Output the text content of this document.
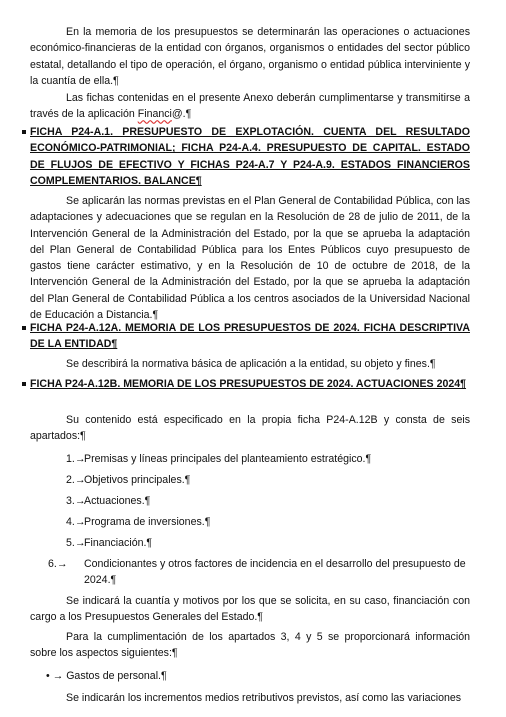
En la memoria de los presupuestos se determinarán las operaciones o actuaciones económico-financieras de la entidad con órganos, organismos o entidades del sector público estatal, detallando el tipo de operación, el órgano, organismo o entidad pública interviniente y la cuantía de ella.¶

Las fichas contenidas en el presente Anexo deberán cumplimentarse y transmitirse a través de la aplicación Financi@.¶

FICHA P24-A.1. PRESUPUESTO DE EXPLOTACIÓN. CUENTA DEL RESULTADO ECONÓMICO-PATRIMONIAL; FICHA P24-A.4. PRESUPUESTO DE CAPITAL. ESTADO DE FLUJOS DE EFECTIVO Y FICHAS P24-A.7 Y P24-A.9. ESTADOS FINANCIEROS COMPLEMENTARIOS. BALANCE¶

Se aplicarán las normas previstas en el Plan General de Contabilidad Pública, con las adaptaciones y adecuaciones que se regulan en la Resolución de 28 de julio de 2011, de la Intervención General de la Administración del Estado, por la que se aprueba la adaptación del Plan General de Contabilidad Pública para los Entes Públicos cuyo presupuesto de gastos tiene carácter estimativo, y en la Resolución de 10 de octubre de 2018, de la Intervención General de la Administración del Estado, por la que se aprueba la adaptación del Plan General de Contabilidad Pública a los centros asociados de la Universidad Nacional de Educación a Distancia.¶

FICHA P24-A.12A. MEMORIA DE LOS PRESUPUESTOS DE 2024. FICHA DESCRIPTIVA DE LA ENTIDAD¶

Se describirá la normativa básica de aplicación a la entidad, su objeto y fines.¶

FICHA P24-A.12B. MEMORIA DE LOS PRESUPUESTOS DE 2024. ACTUACIONES 2024¶

Su contenido está especificado en la propia ficha P24-A.12B y consta de seis apartados:¶

1.→Premisas y líneas principales del planteamiento estratégico.¶

2.→Objetivos principales.¶

3.→Actuaciones.¶

4.→Programa de inversiones.¶

5.→Financiación.¶

6.→ Condicionantes y otros factores de incidencia en el desarrollo del presupuesto de 2024.¶

Se indicará la cuantía y motivos por los que se solicita, en su caso, financiación con cargo a los Presupuestos Generales del Estado.¶

Para la cumplimentación de los apartados 3, 4 y 5 se proporcionará información sobre los aspectos siguientes:¶

• → Gastos de personal.¶

Se indicarán los incrementos medios retributivos previstos, así como las variaciones
